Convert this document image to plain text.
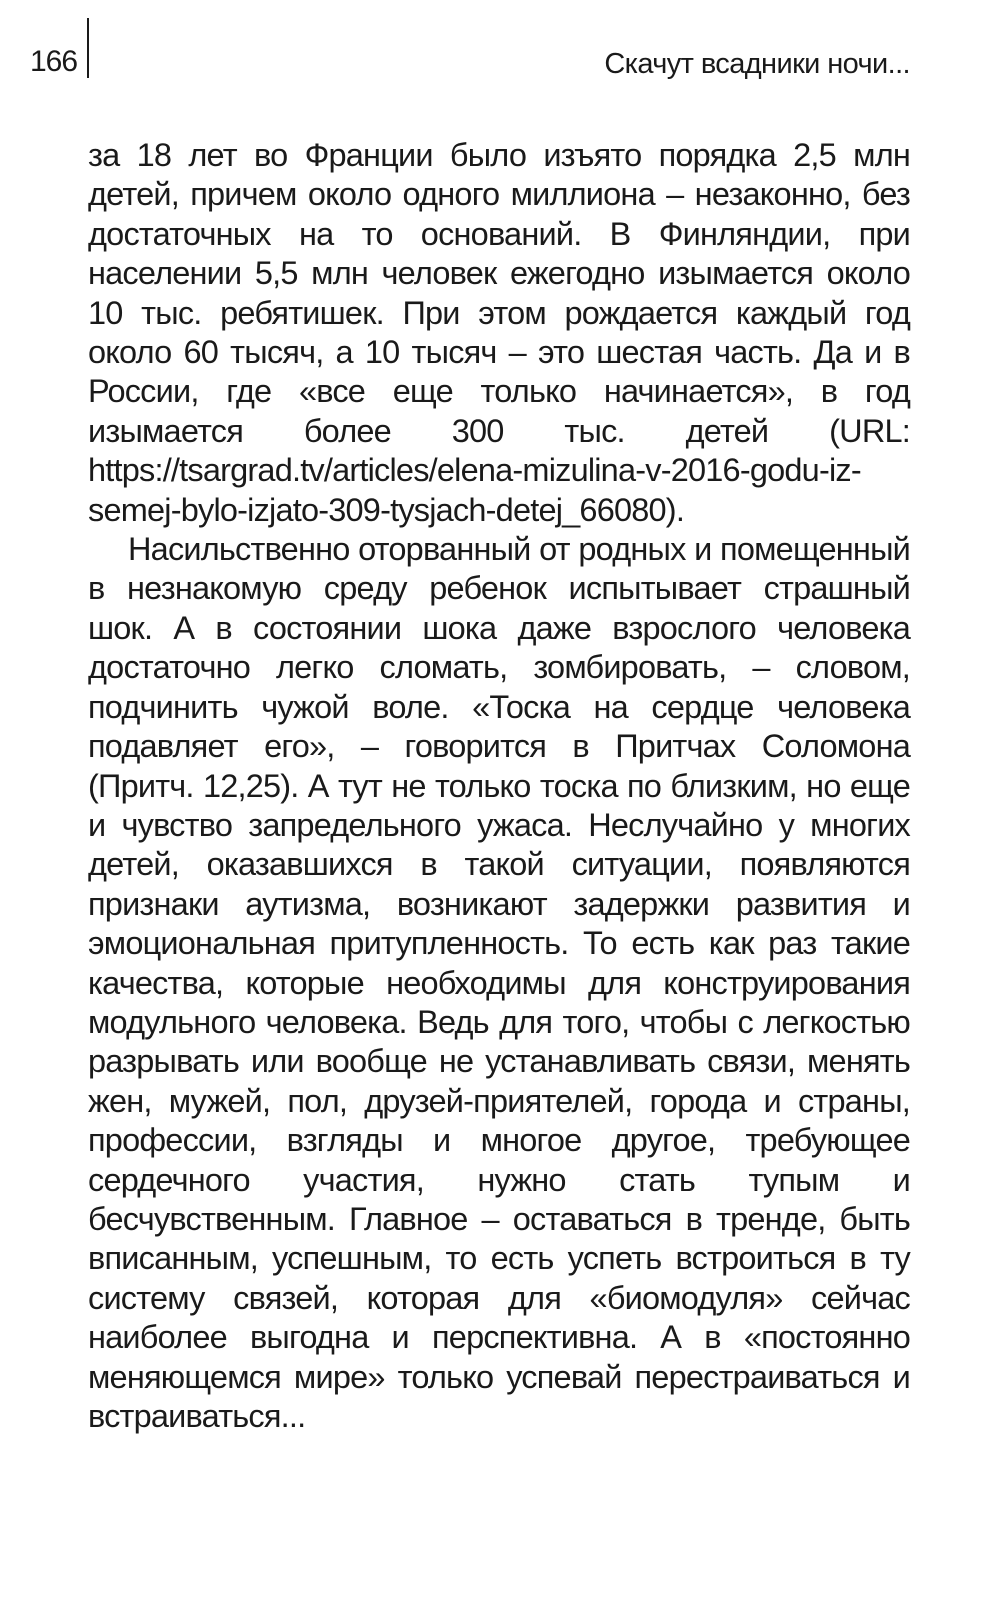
166	Скачут всадники ночи...

за 18 лет во Франции было изъято порядка 2,5 млн детей, причем около одного миллиона – незаконно, без достаточных на то оснований. В Финляндии, при населении 5,5 млн человек ежегодно изымается около 10 тыс. ребятишек. При этом рождается каждый год около 60 тысяч, а 10 тысяч – это шестая часть. Да и в России, где «все еще только начинается», в год изымается более 300 тыс. детей (URL: https://tsargrad.tv/articles/elena-mizulina-v-2016-godu-iz-semej-bylo-izjato-309-tysjach-detej_66080).

Насильственно оторванный от родных и помещенный в незнакомую среду ребенок испытывает страшный шок. А в состоянии шока даже взрослого человека достаточно легко сломать, зомбировать, – словом, подчинить чужой воле. «Тоска на сердце человека подавляет его», – говорится в Притчах Соломона (Притч. 12,25). А тут не только тоска по близким, но еще и чувство запредельного ужаса. Неслучайно у многих детей, оказавшихся в такой ситуации, появляются признаки аутизма, возникают задержки развития и эмоциональная притупленность. То есть как раз такие качества, которые необходимы для конструирования модульного человека. Ведь для того, чтобы с легкостью разрывать или вообще не устанавливать связи, менять жен, мужей, пол, друзей-приятелей, города и страны, профессии, взгляды и многое другое, требующее сердечного участия, нужно стать тупым и бесчувственным. Главное – оставаться в тренде, быть вписанным, успешным, то есть успеть встроиться в ту систему связей, которая для «биомодуля» сейчас наиболее выгодна и перспективна. А в «постоянно меняющемся мире» только успевай перестраиваться и встраиваться...
